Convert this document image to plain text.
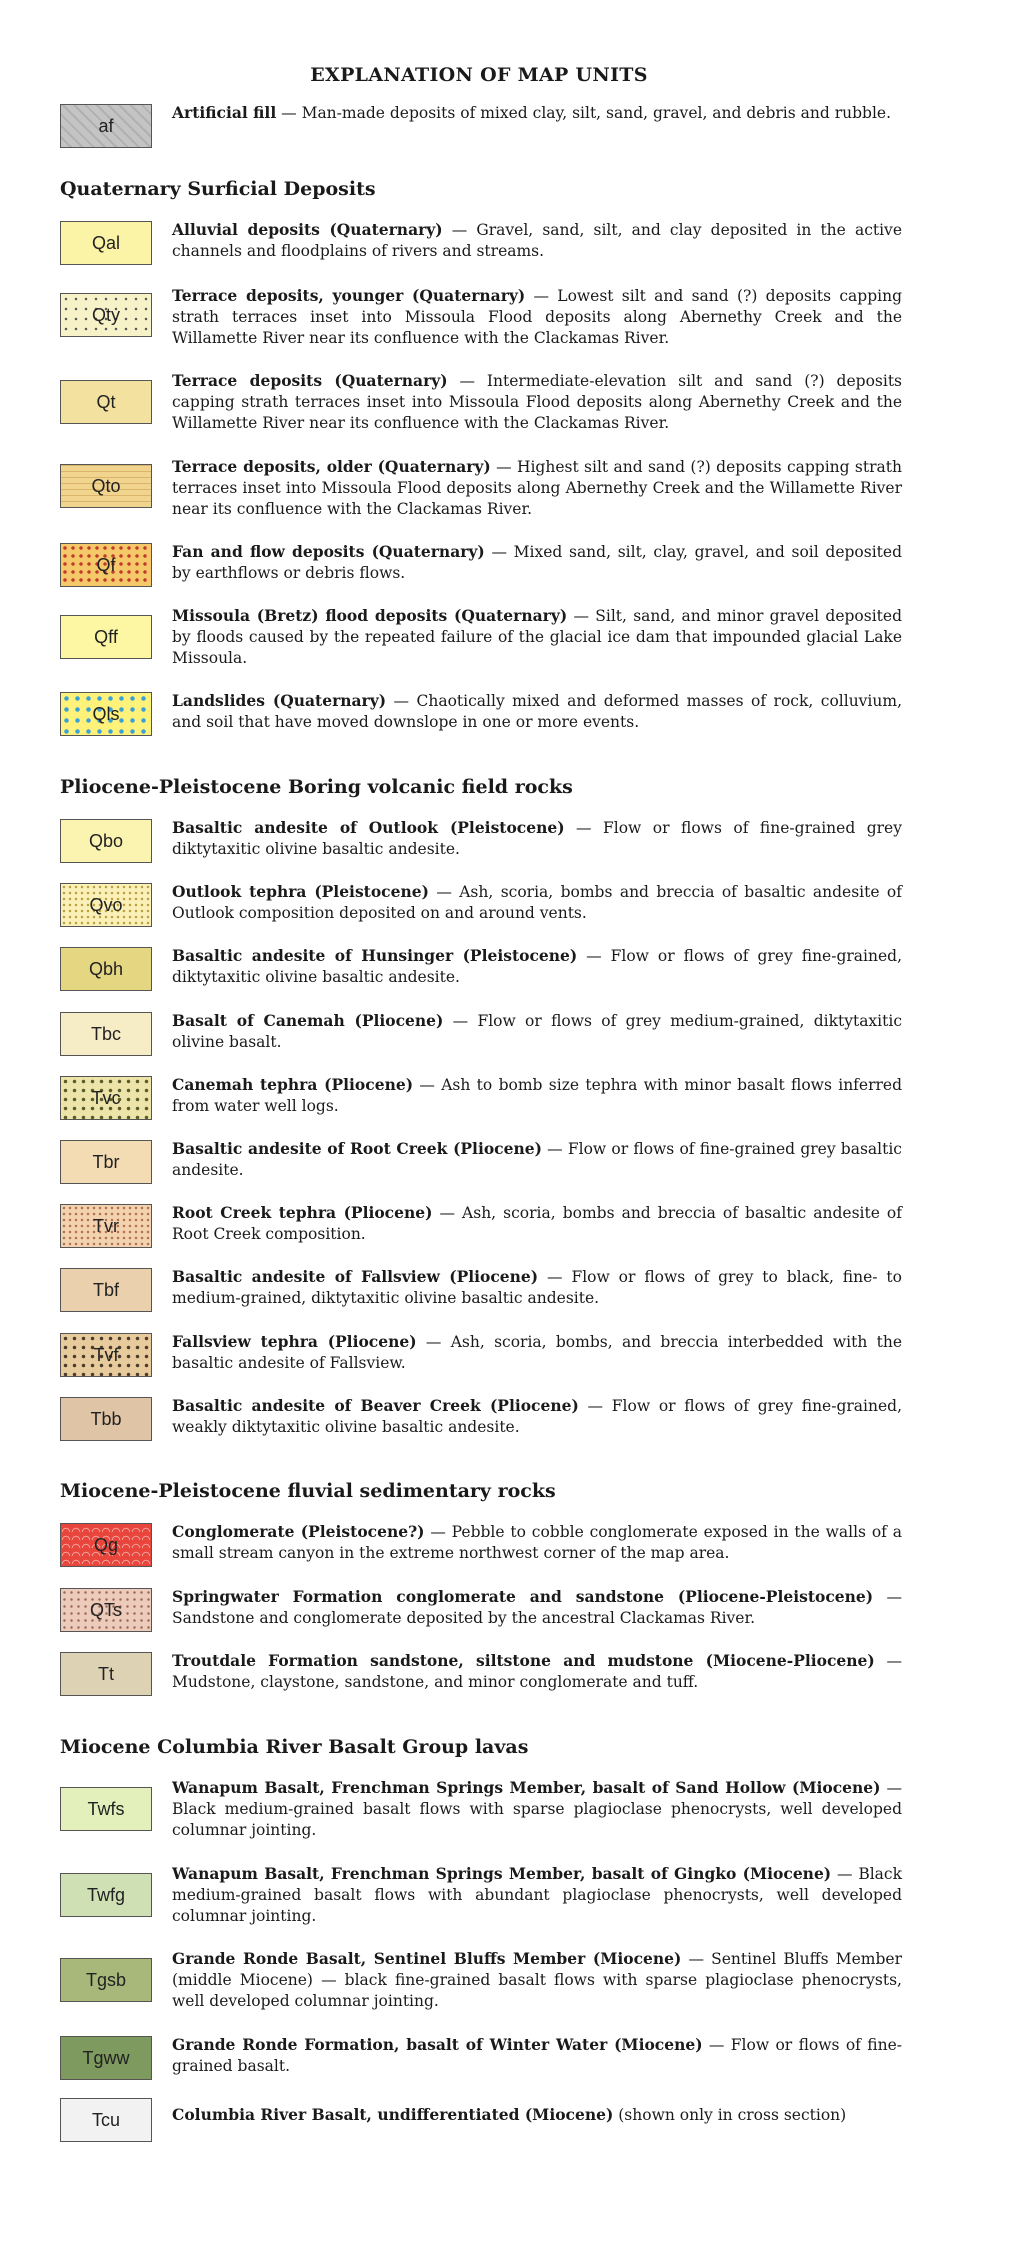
EXPLANATION OF MAP UNITS
af
Artificial fill — Man-made deposits of mixed clay, silt, sand, gravel, and debris and rubble.
Quaternary Surficial Deposits
Qal
Alluvial deposits (Quaternary) — Gravel, sand, silt, and clay deposited in the active channels and floodplains of rivers and streams.
Qty
Terrace deposits, younger (Quaternary) — Lowest silt and sand (?) deposits capping strath terraces inset into Missoula Flood deposits along Abernethy Creek and the Willamette River near its confluence with the Clackamas River.
Qt
Terrace deposits (Quaternary) — Intermediate-elevation silt and sand (?) deposits capping strath terraces inset into Missoula Flood deposits along Abernethy Creek and the Willamette River near its confluence with the Clackamas River.
Qto
Terrace deposits, older (Quaternary) — Highest silt and sand (?) deposits capping strath terraces inset into Missoula Flood deposits along Abernethy Creek and the Willamette River near its confluence with the Clackamas River.
Qf
Fan and flow deposits (Quaternary) — Mixed sand, silt, clay, gravel, and soil deposited by earthflows or debris flows.
Qff
Missoula (Bretz) flood deposits (Quaternary) — Silt, sand, and minor gravel deposited by floods caused by the repeated failure of the glacial ice dam that impounded glacial Lake Missoula.
Qls
Landslides (Quaternary) — Chaotically mixed and deformed masses of rock, colluvium, and soil that have moved downslope in one or more events.
Pliocene-Pleistocene Boring volcanic field rocks
Qbo
Basaltic andesite of Outlook (Pleistocene) — Flow or flows of fine-grained grey diktytaxitic olivine basaltic andesite.
Qvo
Outlook tephra (Pleistocene) — Ash, scoria, bombs and breccia of basaltic andesite of Outlook composition deposited on and around vents.
Qbh
Basaltic andesite of Hunsinger (Pleistocene) — Flow or flows of grey fine-grained, diktytaxitic olivine basaltic andesite.
Tbc
Basalt of Canemah (Pliocene) — Flow or flows of grey medium-grained, diktytaxitic olivine basalt.
Tvc
Canemah tephra (Pliocene) — Ash to bomb size tephra with minor basalt flows inferred from water well logs.
Tbr
Basaltic andesite of Root Creek (Pliocene) — Flow or flows of fine-grained grey basaltic andesite.
Tvr
Root Creek tephra (Pliocene) — Ash, scoria, bombs and breccia of basaltic andesite of Root Creek composition.
Tbf
Basaltic andesite of Fallsview (Pliocene) — Flow or flows of grey to black, fine- to medium-grained, diktytaxitic olivine basaltic andesite.
Tvf
Fallsview tephra (Pliocene) — Ash, scoria, bombs, and breccia interbedded with the basaltic andesite of Fallsview.
Tbb
Basaltic andesite of Beaver Creek (Pliocene) — Flow or flows of grey fine-grained, weakly diktytaxitic olivine basaltic andesite.
Miocene-Pleistocene fluvial sedimentary rocks
Qg
Conglomerate (Pleistocene?) — Pebble to cobble conglomerate exposed in the walls of a small stream canyon in the extreme northwest corner of the map area.
QTs
Springwater Formation conglomerate and sandstone (Pliocene-Pleistocene) — Sandstone and conglomerate deposited by the ancestral Clackamas River.
Tt
Troutdale Formation sandstone, siltstone and mudstone (Miocene-Pliocene) — Mudstone, claystone, sandstone, and minor conglomerate and tuff.
Miocene Columbia River Basalt Group lavas
Twfs
Wanapum Basalt, Frenchman Springs Member, basalt of Sand Hollow (Miocene) — Black medium-grained basalt flows with sparse plagioclase phenocrysts, well developed columnar jointing.
Twfg
Wanapum Basalt, Frenchman Springs Member, basalt of Gingko (Miocene) — Black medium-grained basalt flows with abundant plagioclase phenocrysts, well developed columnar jointing.
Tgsb
Grande Ronde Basalt, Sentinel Bluffs Member (Miocene) — Sentinel Bluffs Member (middle Miocene) — black fine-grained basalt flows with sparse plagioclase phenocrysts, well developed columnar jointing.
Tgww
Grande Ronde Formation, basalt of Winter Water (Miocene) — Flow or flows of fine-grained basalt.
Tcu	Columbia River Basalt, undifferentiated (Miocene) (shown only in cross section)
